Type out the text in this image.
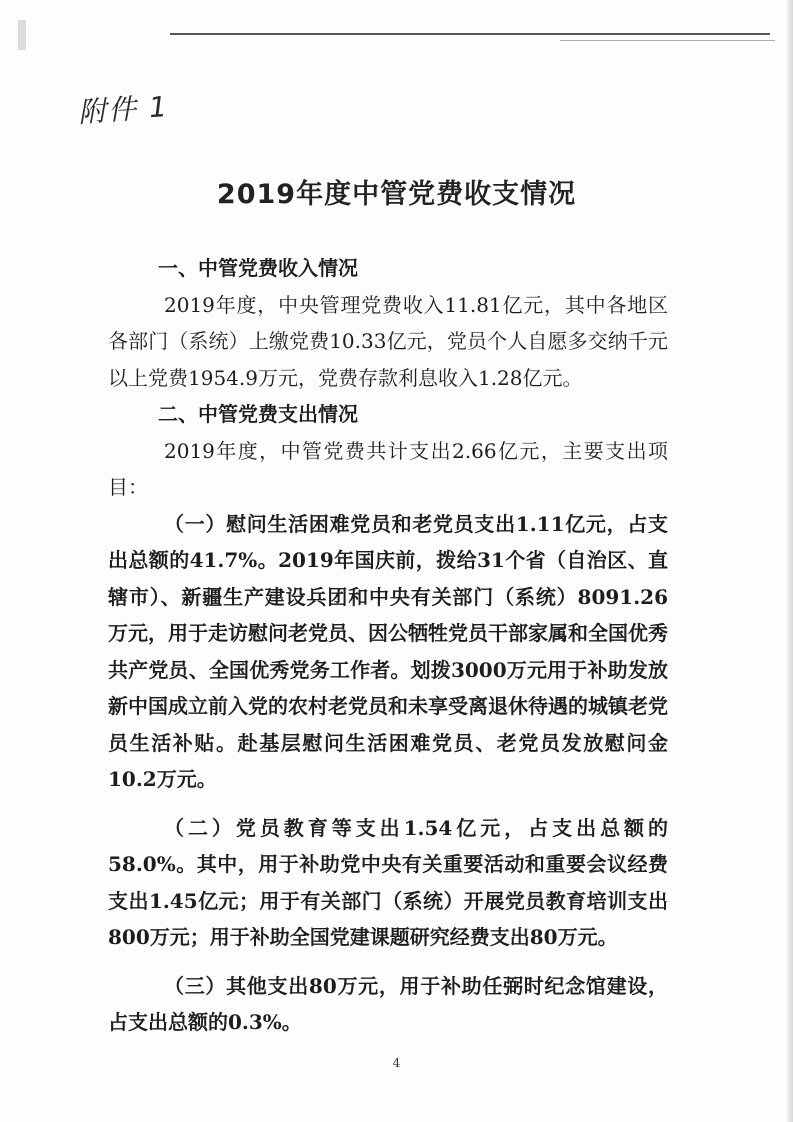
附件 1
2019年度中管党费收支情况

一、中管党费收入情况

2019年度，中央管理党费收入11.81亿元，其中各地区各部门（系统）上缴党费10.33亿元，党员个人自愿多交纳千元以上党费1954.9万元，党费存款利息收入1.28亿元。

二、中管党费支出情况

2019年度，中管党费共计支出2.66亿元，主要支出项目：

（一）慰问生活困难党员和老党员支出1.11亿元，占支出总额的41.7%。2019年国庆前，拨给31个省（自治区、直辖市）、新疆生产建设兵团和中央有关部门（系统）8091.26万元，用于走访慰问老党员、因公牺牲党员干部家属和全国优秀共产党员、全国优秀党务工作者。划拨3000万元用于补助发放新中国成立前入党的农村老党员和未享受离退休待遇的城镇老党员生活补贴。赴基层慰问生活困难党员、老党员发放慰问金10.2万元。

（二）党员教育等支出1.54亿元，占支出总额的58.0%。其中，用于补助党中央有关重要活动和重要会议经费支出1.45亿元；用于有关部门（系统）开展党员教育培训支出800万元；用于补助全国党建课题研究经费支出80万元。

（三）其他支出80万元，用于补助任弼时纪念馆建设，占支出总额的0.3%。

4
